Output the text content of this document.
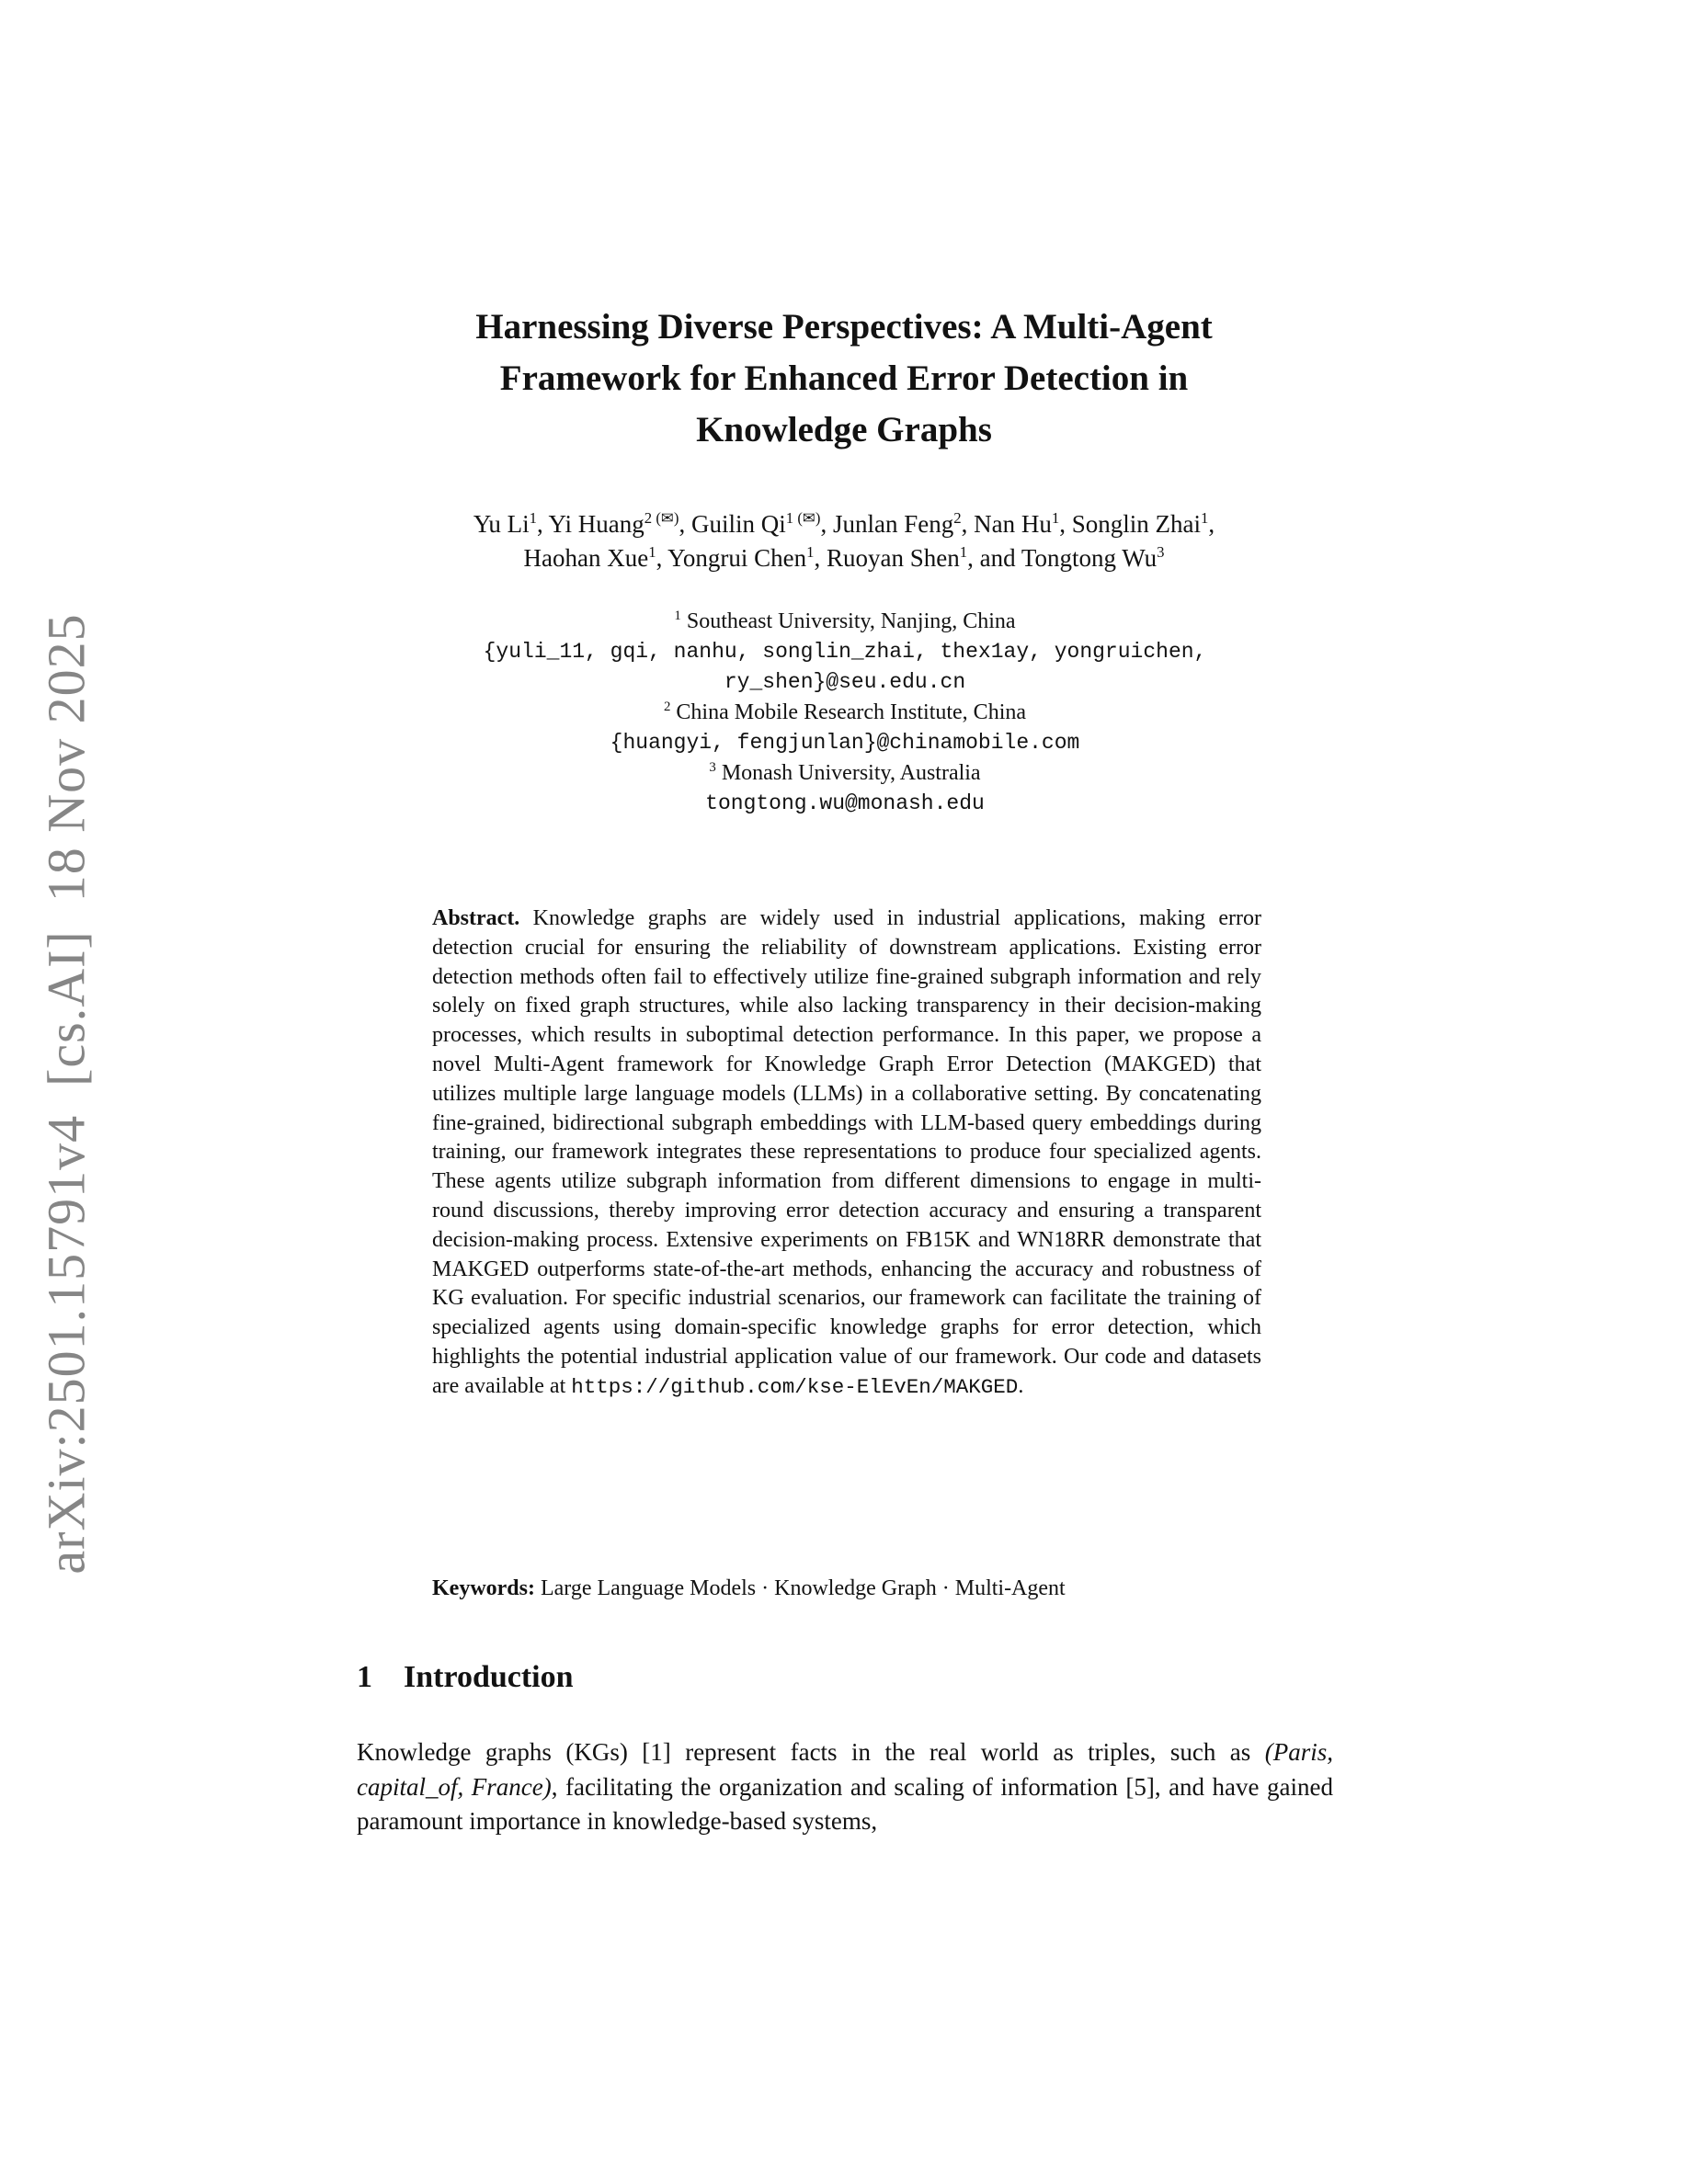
arXiv:2501.15791v4  [cs.AI]  18 Nov 2025
Harnessing Diverse Perspectives: A Multi-Agent
Framework for Enhanced Error Detection in
Knowledge Graphs
Yu Li$^1$, Yi Huang$^2$ (✉), Guilin Qi$^1$ (✉), Junlan Feng$^2$, Nan Hu$^1$, Songlin Zhai$^1$,
Haohan Xue$^1$, Yongrui Chen$^1$, Ruoyan Shen$^1$, and Tongtong Wu$^3$
$^1$ Southeast University, Nanjing, China
{yuli_11, gqi, nanhu, songlin_zhai, thex1ay, yongruichen,
ry_shen}@seu.edu.cn
$^2$ China Mobile Research Institute, China
{huangyi, fengjunlan}@chinamobile.com
$^3$ Monash University, Australia
tongtong.wu@monash.edu
Abstract. Knowledge graphs are widely used in industrial applications, making error detection crucial for ensuring the reliability of downstream applications. Existing error detection methods often fail to effectively utilize fine-grained subgraph information and rely solely on fixed graph structures, while also lacking transparency in their decision-making processes, which results in suboptimal detection performance. In this paper, we propose a novel Multi-Agent framework for Knowledge Graph Error Detection (MAKGED) that utilizes multiple large language models (LLMs) in a collaborative setting. By concatenating fine-grained, bidirectional subgraph embeddings with LLM-based query embeddings during training, our framework integrates these representations to produce four specialized agents. These agents utilize subgraph information from different dimensions to engage in multi-round discussions, thereby improving error detection accuracy and ensuring a transparent decision-making process. Extensive experiments on FB15K and WN18RR demonstrate that MAKGED outperforms state-of-the-art methods, enhancing the accuracy and robustness of KG evaluation. For specific industrial scenarios, our framework can facilitate the training of specialized agents using domain-specific knowledge graphs for error detection, which highlights the potential industrial application value of our framework. Our code and datasets are available at https://github.com/kse-ElEvEn/MAKGED.
Keywords: Large Language Models · Knowledge Graph · Multi-Agent
1 Introduction
Knowledge graphs (KGs) [1] represent facts in the real world as triples, such as (Paris, capital_of, France), facilitating the organization and scaling of information [5], and have gained paramount importance in knowledge-based systems,
